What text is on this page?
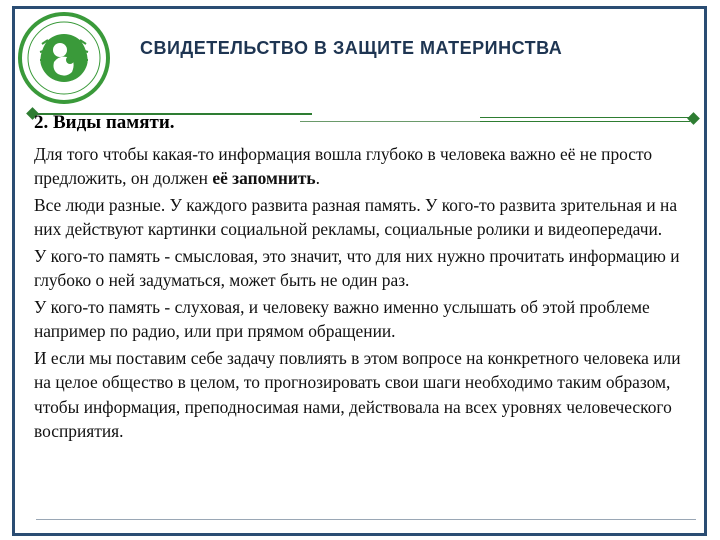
СВИДЕТЕЛЬСТВО В ЗАЩИТЕ МАТЕРИНСТВА
2. Виды памяти.

Для того чтобы какая-то информация вошла глубоко в человека важно её не просто предложить, он должен её запомнить.

Все люди разные. У каждого развита разная память. У кого-то развита зрительная и на них действуют картинки социальной рекламы, социальные ролики и видеопередачи.

У кого-то память - смысловая, это значит, что для них нужно прочитать информацию и глубоко о ней задуматься, может быть не один раз.

У кого-то память - слуховая, и человеку важно именно услышать об этой проблеме например по радио, или при прямом обращении.

И если мы поставим себе задачу повлиять в этом вопросе на конкретного человека или на целое общество в целом, то прогнозировать свои шаги необходимо таким образом, чтобы информация, преподносимая нами, действовала на всех уровнях человеческого восприятия.
